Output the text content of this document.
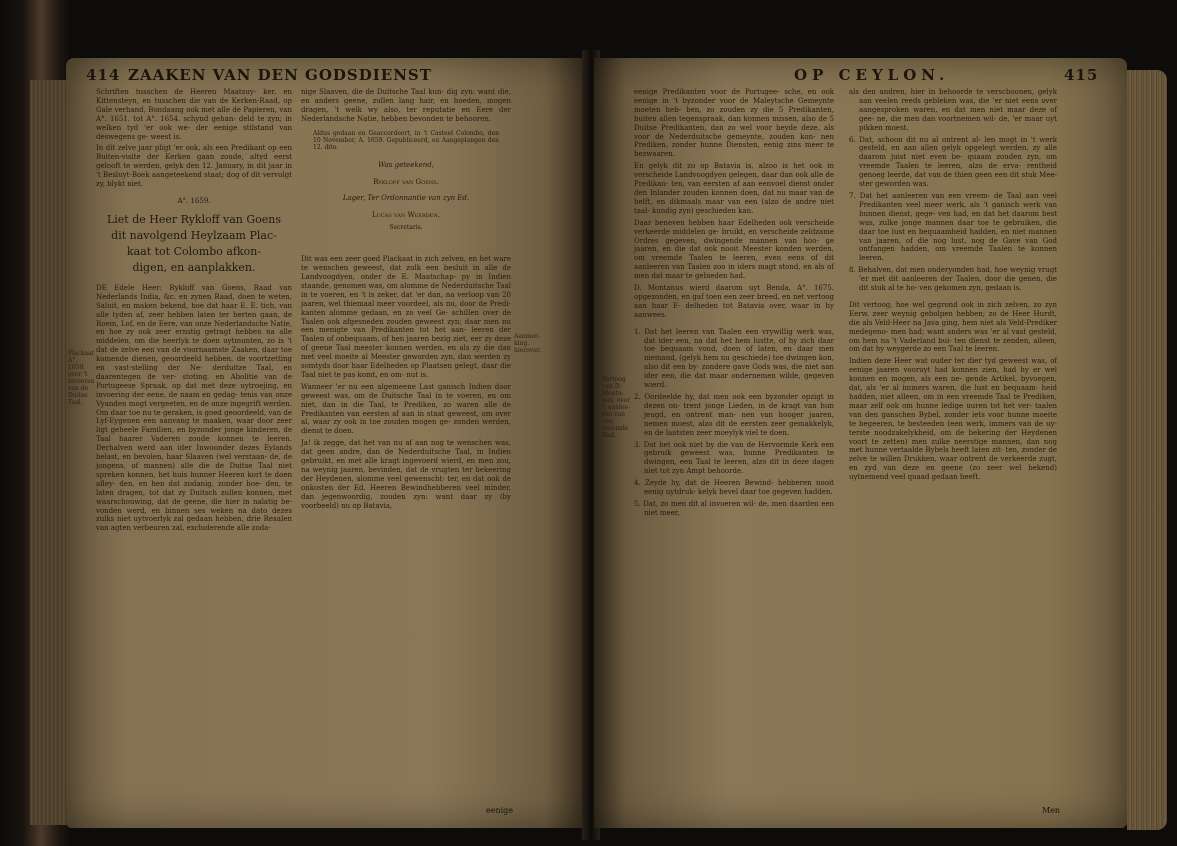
414 ZAAKEN VAN DEN GODSDIENST

Schriften tusschen de Heeren Maatsuy- ker, en Kittensteyn, en tusschen die van de Kerken-Raad, op Gale verhand, Bondaang ook met alle de Papieren, van A°. 1651. tot A°. 1654. schynd gehan- deld te zyn; in welken tyd 'er ook we- der eenige stilstand van deswegens ge- weest is.

In dit zelve jaar pligt 'er ook, als een Predikant op een Buiten-visite der Kerken gaan zoude, altyd eerst gelooft te werden, gelyk den 12. January, in dit jaar in 't Besluyt-Boek aangeteekend staat; dog of dit vervolgt zy, blykt niet.

A°. 1659.

Liet de Heer Rykloff van Goens
dit navolgend Heylzaam Plac-
kaat tot Colombo afkon-
digen, en aanplakken.

DE Edele Heer: Rykloff van Goens, Raad van Nederlands India, &c. en zynen Raad, doen te weten, Saluit, en maken bekend, hoe dat haar E. E. tich, van alle tyden af, zeer hebben laten ter herten gaan, de Roem, Lof, en de Eere, van onze Nederlandsche Natie, en hoe zy ook zeer ernstig getragt hebben na alle middelen, om die heerlyk te doen uytmunten, zo is 't dat de zelve een van de voornaamste Zaaken, daar toe komende dienen, geoordeeld hebben, de voortzetting en vast-stelling der Ne- derduitze Taal, en daarentegen de ver- stoting, en Abolitie van de Portugeese Spraak, op dat met deze uytroejing, en invoering der eene, de naam en gedag- tenis van onze Vyanden mogt vergeeten, en de onze ingegrift werden. Om daar toe nu te geraken, is goed geoordeeld, van de Lyf-Eygenen een aanvang te maaken, waar door zeer ligt geheele Familien, en byzonder jonge kinderen, de Taal haarer Vaderen zoude konnen te leeren. Derhalven werd aan ider Inwoonder dezes Eylands belast, en bevolen, haar Slaaven (wel verstaan- de, de jongens, of mannen) alle die de Duitse Taal niet spreken konnen, het huis hunner Heeren kort te doen afley- den, en hen dat zodanig, zonder hoe- den, te laten dragen, tot dat zy Duitsch zullen konnen, met waarschouwing, dat de geene, die hier in nalatig be- vonden werd, en binnen ses weken na dato dezes zulks niet uytvoerlyk zal gedaan hebben, drie Rexalen van agten verbeuren zal, excluderende alle zoda-

Plackaat A°. 1659. over 't invoeren van de Duitse Taal.

nige Slaaven, die de Duitsche Taal kun- dig zyn: want die, en anders geene, zullen lang hair, en hoeden, mogen dragen, 't welk wy also, ter reputatie en Eere der Nederlandsche Natie, hebben bevonden te behooren.

Aldus gedaan en Geaccordeert, in 't Casteel Colombo, den 10 November, A. 1659. Gepubliceerd, en Aangeplangen den 12. dito.

Was geteekend,

Rykloff van Goens.

Lager, Ter Ordonnantie van zyn Ed.

Lucas van Weerden,

Secretaris.

Dit was een zeer goed Plackaat in zich zelven, en het ware te wenschen geweest, dat zulk een besluit in alle de Landvoogdyen, onder de E. Maatschap- py in Indien staande, genomen was, om alomme de Nederduitsche Taal in te voeren, en 't is zeker, dat 'er dan, na verloop van 20 jaaren, wel thiemaal meer voordeel, als nu, door de Predi- kanten alomme gedaan, en zo veel Ge- schillen over de Taalen ook afgesneden zouden geweest zyn; daar men nu een menigte van Predikanten tot het aan- leeren der Taalen of onbequaam, of hen jaaren bezig ziet, eer zy deze of geene Taal meester konnen werden, en als zy die dan met veel moeite al Meester geworden zyn, dan werden zy somtyds door haar Edelheden op Plaatsen gelegt, daar die Taal niet te pas komt, en om- nut is.

Wanneer 'er nu een algemeene Last ganisch Indien door geweest was, om de Duitsche Taal in te voeren, en om niet, dan in die Taal, te Prediken, zo waren alle de Predikanten van eersten af aan in staat geweest, om over al, waar zy ook in toe zouden mogen ge- zonden werden, dienst te doen.

Ja! ik zegge, dat het van nu af aan nog te wenschen was, dat geen andre, dan de Nederduitsche Taal, in Indien gebruikt, en met alle kragt ingevoerd wierd, en men zou, na weynig jaaren, bevinden, dat de vrugten ter bekeering der Heydenen, alomme veel gewenscht- ter, en dat ook de onkosten der Ed. Heeren Bewindhebberen veel minder, dan jegenwoordig, zouden zyn: want daar zy (by voorbeeld) nu op Batavia,

Aanmer- king. hierover.
eenige
OP CEYLON.	415

eenige Predikanten voor de Portugee- sche, en ook eenige in 't byzonder voor de Maleytsche Gemeynte moeten heb- ben, zo zouden zy die 5 Predikanten, buiten allen tegenspraak, dan konnen missen, also de 5 Duitse Predikanten, dan zo wel voor beyde deze, als voor de Nederduitsche gemeynte, zouden kon- nen Prediken, zonder hunne Diensten, eenig zins meer te bezwaaren.

En gelyk dit zo op Batavia is, alzoo is het ook in verscheide Landvoogdyen gelegen, daar dan ook alle de Predikan- ten, van eersten af aan eenvoel dienst onder den Inlander zouden konnen doen, dat nu maar van de helft, en dikmaals maar van een (alzo de andre niet taal- kundig zyn) geschieden kan.

Daar beneven hebben haar Edelheden ook verscheide verkeerde middelen ge- bruikt, en verscheide zeldzame Ordres gegeven, dwingende mannen van hoo- ge jaaren, en die dat ook nooit Meester konden werden, om vreemde Taalen te leeren, even eens of dit aanleeren van Taalen zoo in iders magt stond, en als of men dat maar te gebieden had.

D. Montanus wierd daarom uyt Benda, A°. 1675. opgezonden, en gaf toen een zeer breed, en net vertoog aan haar E- delheden tot Batavia over, waar in hy aanwees.

1. Dat het leeren van Taalen een vrywillig werk was, dat ider een, na dat het hem lustte, of hy zich daar toe bequaam vond, doen of laten, en daar men niemand, (gelyk hem nu geschiede) toe dwingen kon, also dit een by- zondere gave Gods was, die niet aan ider een, die dat maar ondernemen wilde, gegeven wierd.

2. Oordeelde hy, dat men ook een byzonder opzigt in dezen on- trent jonge Lieden, in de kragt van hun jeugd, en ontrent man- nen van hooger jaaren, nemen moest, alzo dit de eersten zeer gemakkelyk, en de laatsten zeer moeylyk viel te doen.

3. Dat het ook niet by die van de Hervormde Kerk een gebruik geweest was, hunne Predikanten te dwingen, een Taal te leeren, alzo dit in deze dagen niet tot zyn Ampt behoorde.

4. Zeyde hy, dat de Heeren Bewind- hebberen nooit eenig uytdruk- kelyk bevel daar toe gegeven hadden.

5. Dat, zo men dit al invoeren wil- de, men daarden een niet meer,

Vertoog van D. Monta- nus, over 't aanlee- ren van een vreemde Taal.

als den andren, hier in behoorde te verschoonen, gelyk aan veelen reeds gebleken was, die 'er niet eens over aangesproken waren, en dat men niet maar deze of gee- ne, die men dan voortnemen wil- de, 'er maar uyt pikken moest.

6. Dat, schoon dit nu al ontrent al- len mogt in 't werk gesteld, en aan allen gelyk opgelegt werden, zy alle daarom juist niet even be- quaam zouden zyn, om vreemde Taalen te leeren, alzo de erva- rentheid genoeg leerde, dat van de thien geen een dit stuk Mee- ster geworden was.

7. Dat het aanleeren van een vreem- de Taal aan veel Predikanten veel meer werk, als 't ganisch werk van hunnen dienst, gege- ven had, en dat het daarom best was, zulke jonge mannen daar toe te gebruiken, die daar toe lust en bequaamheid hadden, en niet mannen van jaaren, of die nog lust, nog de Gave van God ontfangen hadden, om vreemde Taalen te konnen leeren.

8. Behalven, dat men onderyonden had, hoe weynig vrugt 'er met dit aanleeren der Taalen, door die genen, die dit stuk al te ho- ven gekomen zyn, gedaan is.

Dit vertoog, hoe wel gegrond ook in zich zelven, zo zyn Eerw. zeer weynig geholpen hebben; zo de Heer Hurdt, die als Veld-Heer na Java ging, hem niet als Veld-Prediker medegeno- men had; want anders was 'er al vast gesteld, om hem na 't Vaderland bui- ten dienst te zenden, alleen, om dat hy weygerde zo een Taal te leeren.

Indien deze Heer wat ouder ter dier tyd geweest was, of eenige jaaren vooruyt had konnen zien, had hy er wel konnen en mogen, als een ne- gende Artikel, byvoegen, dat, als 'er al immers waren, die lust en bequaam- heid hadden, niet alleen, om in een vreemde Taal te Prediken, maar zelf ook om hunne ledige uuren tot het ver- taalen van den ganschen Bybel, zonder iets voor hunne moeite te begeeren, te besteeden (een werk, immers van de uy- terste noodzakelykheid, om de bekering der Heydenen voort te zetten) men zulke neerstige mannen, dan nog met hunne vertaalde Bybels heeft laten zit- ten, zonder de zelve te willen Drukken, waar ontrent de verkeerde zugt, en zyd van deze en geene (zo zeer wel bekend) uytnemend veel quaad gedaan heeft.

Men
